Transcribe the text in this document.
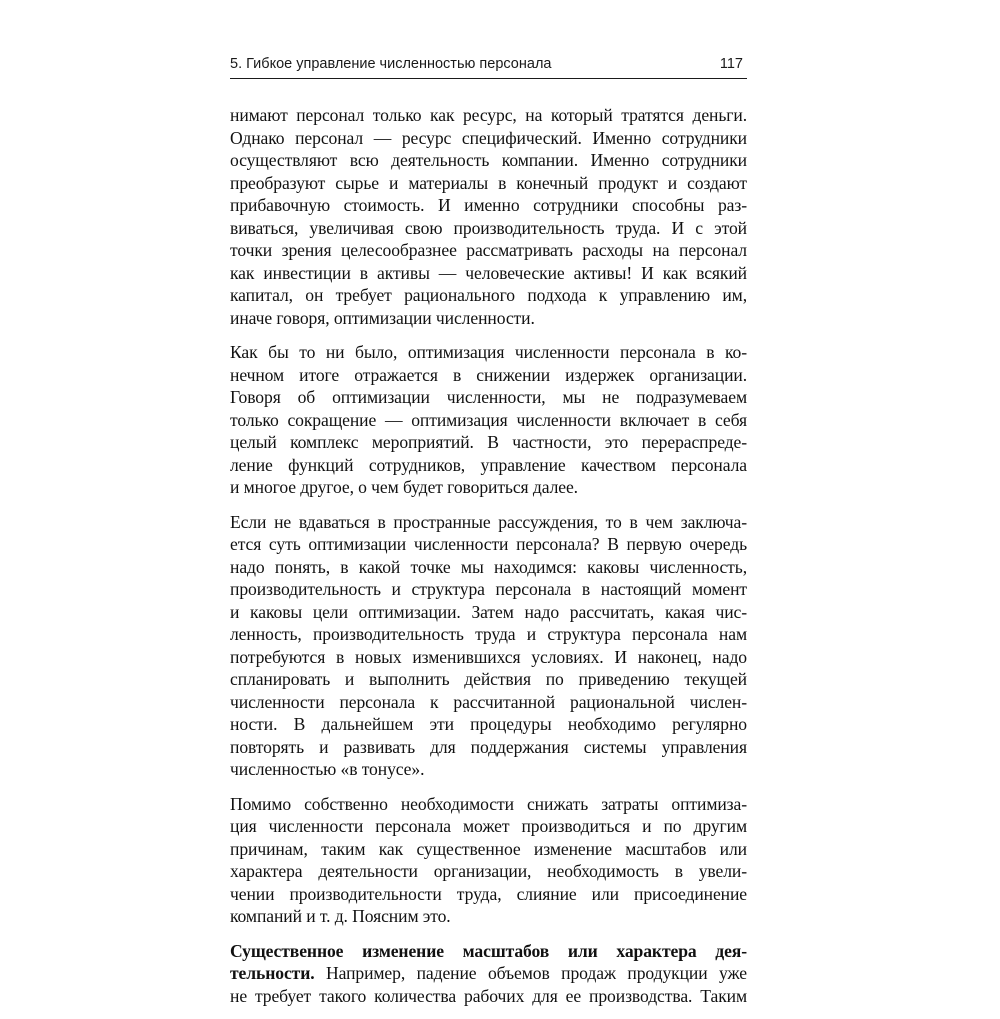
5. Гибкое управление численностью персонала	117

нимают персонал только как ресурс, на который тратятся деньги.
Однако персонал — ресурс специфический. Именно сотрудники
осуществляют всю деятельность компании. Именно сотрудники
преобразуют сырье и материалы в конечный продукт и создают
прибавочную стоимость. И именно сотрудники способны раз-
виваться, увеличивая свою производительность труда. И с этой
точки зрения целесообразнее рассматривать расходы на персонал
как инвестиции в активы — человеческие активы! И как всякий
капитал, он требует рационального подхода к управлению им,
иначе говоря, оптимизации численности.

Как бы то ни было, оптимизация численности персонала в ко-
нечном итоге отражается в снижении издержек организации.
Говоря об оптимизации численности, мы не подразумеваем
только сокращение — оптимизация численности включает в себя
целый комплекс мероприятий. В частности, это перераспреде-
ление функций сотрудников, управление качеством персонала
и многое другое, о чем будет говориться далее.

Если не вдаваться в пространные рассуждения, то в чем заключа-
ется суть оптимизации численности персонала? В первую очередь
надо понять, в какой точке мы находимся: каковы численность,
производительность и структура персонала в настоящий момент
и каковы цели оптимизации. Затем надо рассчитать, какая чис-
ленность, производительность труда и структура персонала нам
потребуются в новых изменившихся условиях. И наконец, надо
спланировать и выполнить действия по приведению текущей
численности персонала к рассчитанной рациональной числен-
ности. В дальнейшем эти процедуры необходимо регулярно
повторять и развивать для поддержания системы управления
численностью «в тонусе».

Помимо собственно необходимости снижать затраты оптимиза-
ция численности персонала может производиться и по другим
причинам, таким как существенное изменение масштабов или
характера деятельности организации, необходимость в увели-
чении производительности труда, слияние или присоединение
компаний и т. д. Поясним это.

Существенное изменение масштабов или характера дея-
тельности. Например, падение объемов продаж продукции уже
не требует такого количества рабочих для ее производства. Таким
